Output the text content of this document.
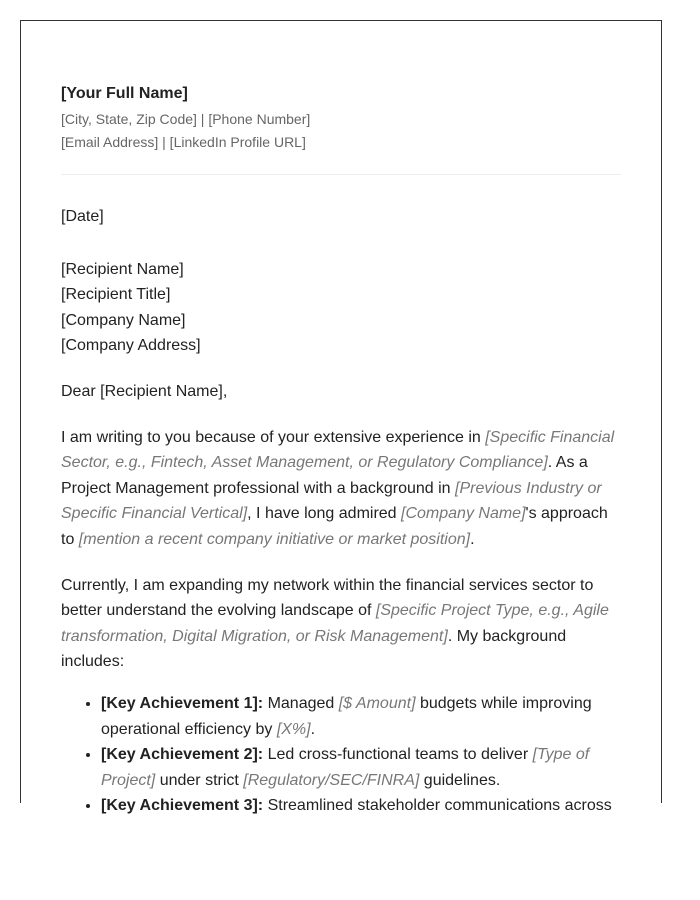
[Your Full Name]
[City, State, Zip Code] | [Phone Number]
[Email Address] | [LinkedIn Profile URL]
[Date]
[Recipient Name]
[Recipient Title]
[Company Name]
[Company Address]
Dear [Recipient Name],

I am writing to you because of your extensive experience in [Specific Financial Sector, e.g., Fintech, Asset Management, or Regulatory Compliance]. As a Project Management professional with a background in [Previous Industry or Specific Financial Vertical], I have long admired [Company Name]'s approach to [mention a recent company initiative or market position].

Currently, I am expanding my network within the financial services sector to better understand the evolving landscape of [Specific Project Type, e.g., Agile transformation, Digital Migration, or Risk Management]. My background includes:

• [Key Achievement 1]: Managed [$ Amount] budgets while improving operational efficiency by [X%].
• [Key Achievement 2]: Led cross-functional teams to deliver [Type of Project] under strict [Regulatory/SEC/FINRA] guidelines.
• [Key Achievement 3]: Streamlined stakeholder communications across
